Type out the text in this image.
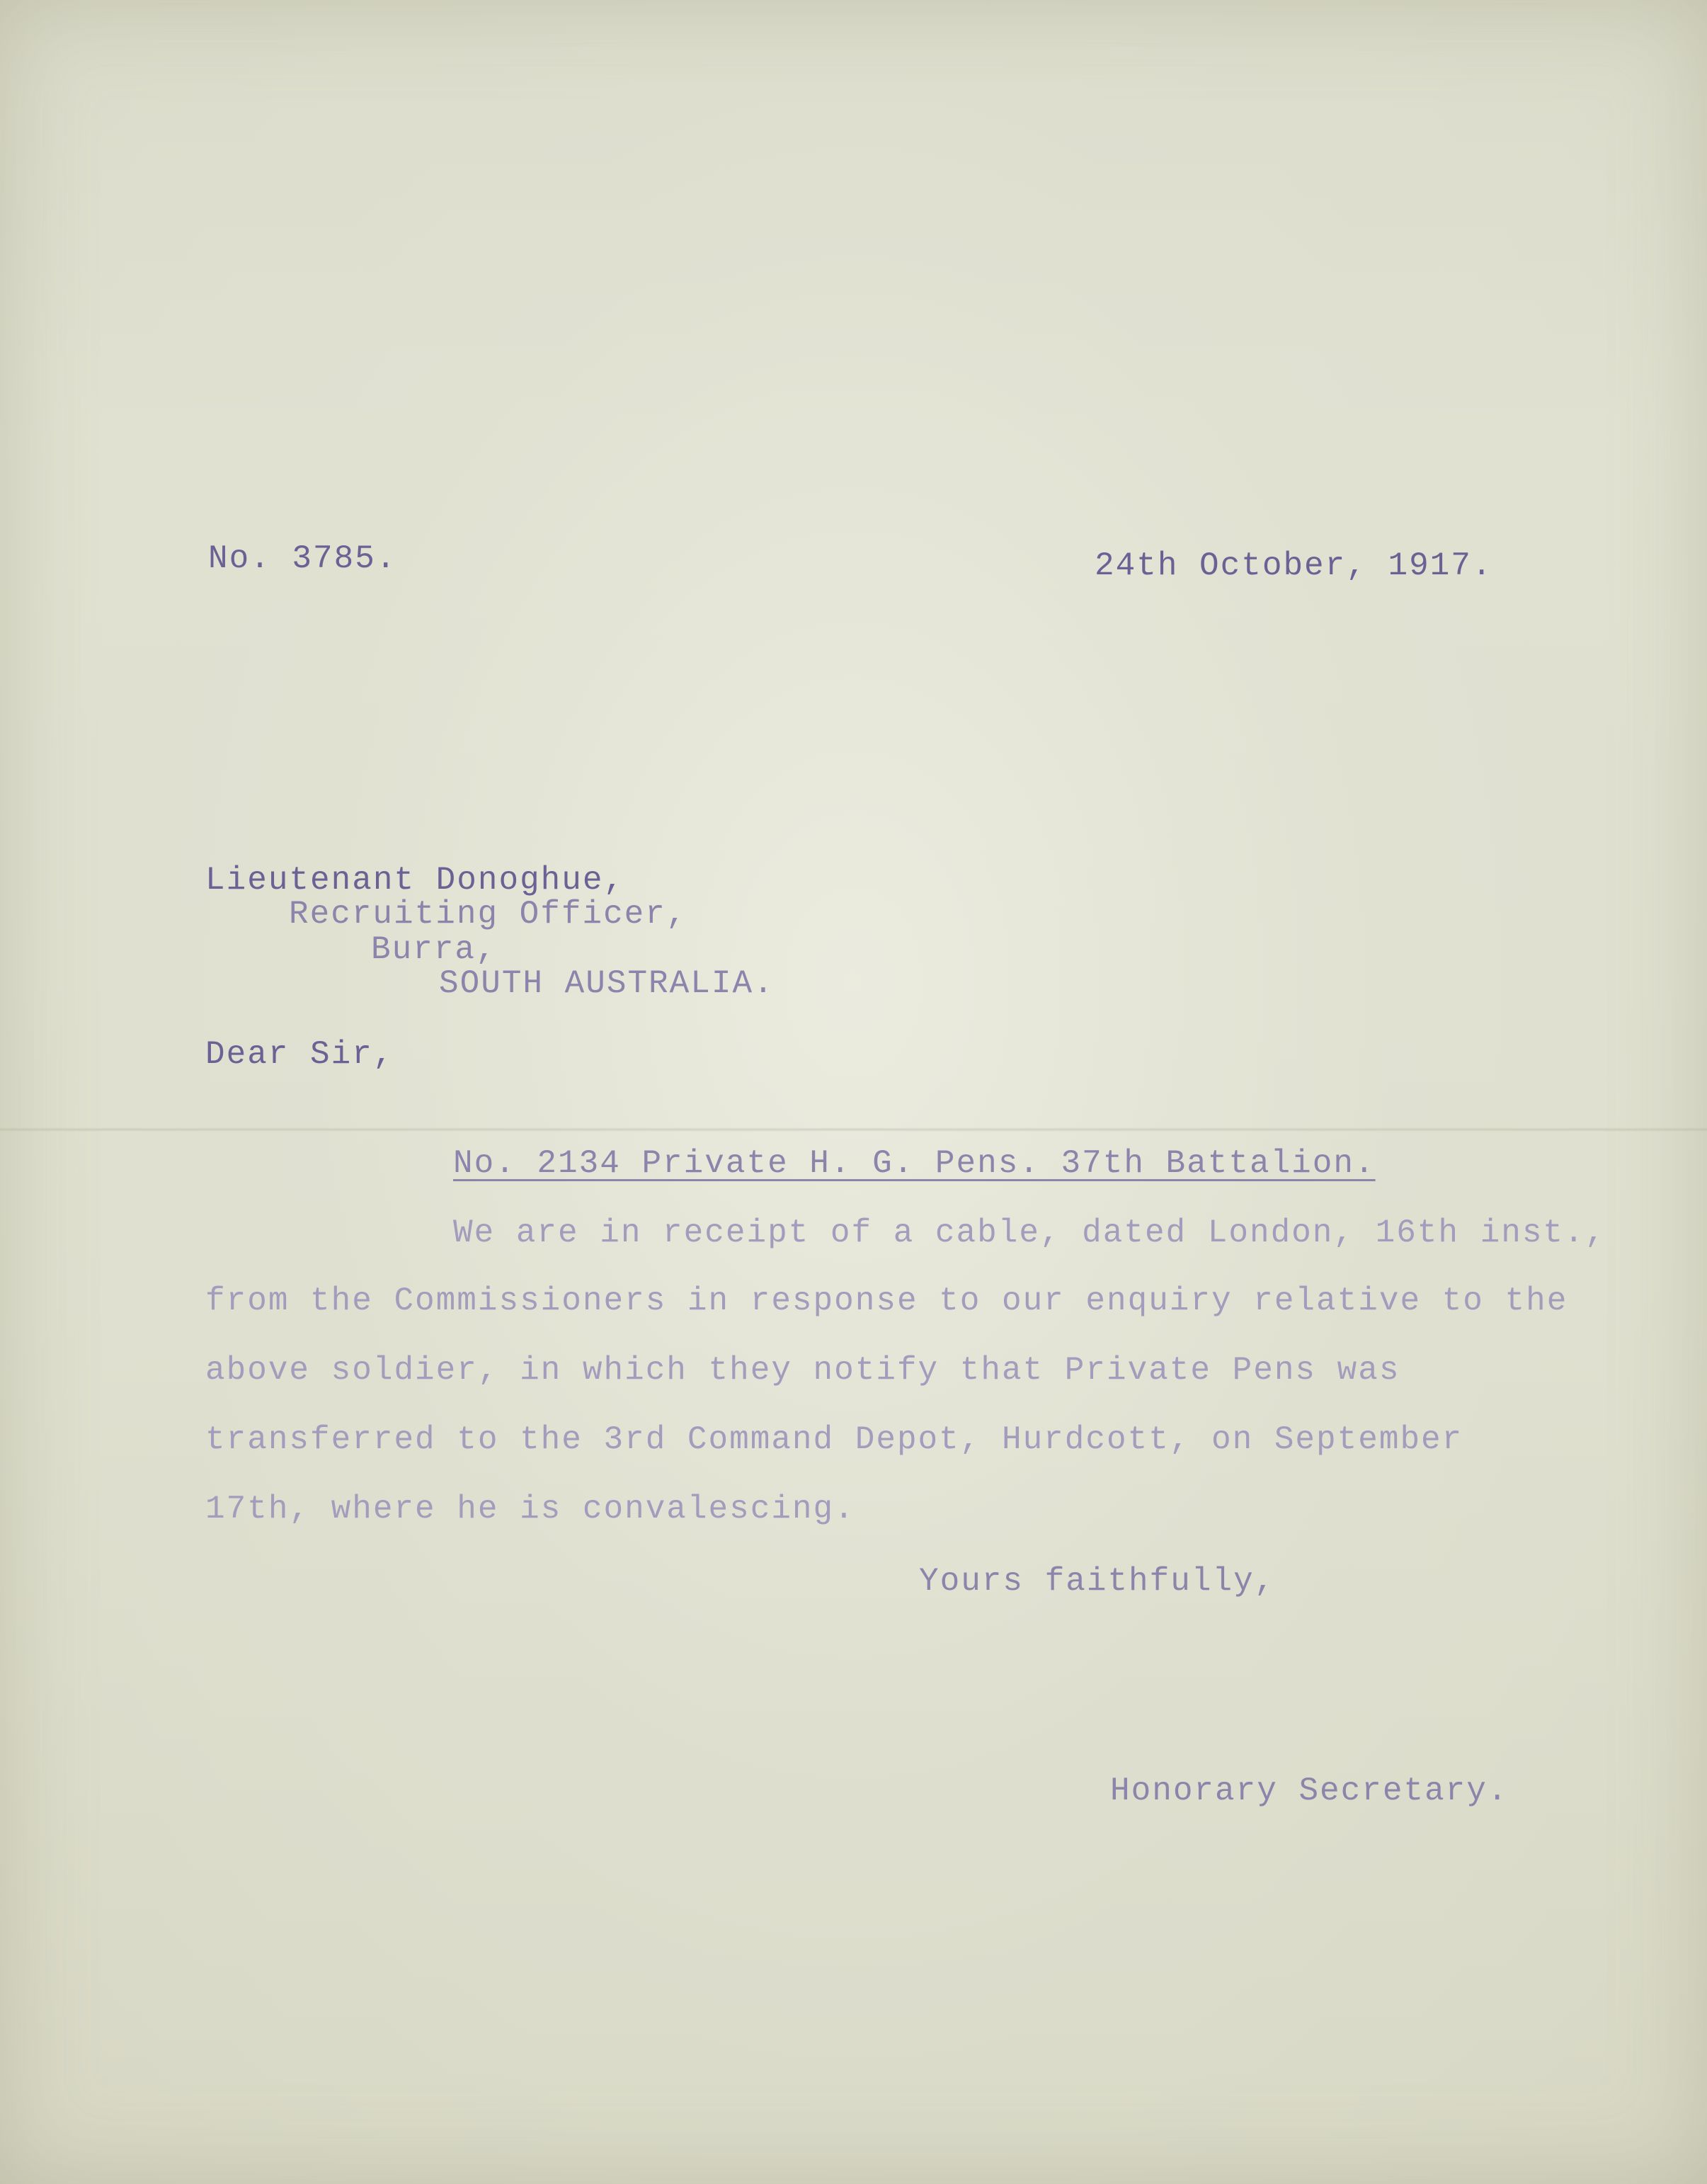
No. 3785.	24th October, 1917.
Lieutenant Donoghue,
Recruiting Officer,
Burra,
SOUTH AUSTRALIA.
Dear Sir,
No. 2134 Private H. G. Pens. 37th Battalion.
We are in receipt of a cable, dated London, 16th inst.,
from the Commissioners in response to our enquiry relative to the
above soldier, in which they notify that Private Pens was
transferred to the 3rd Command Depot, Hurdcott, on September
17th, where he is convalescing.
Yours faithfully,
Honorary Secretary.
